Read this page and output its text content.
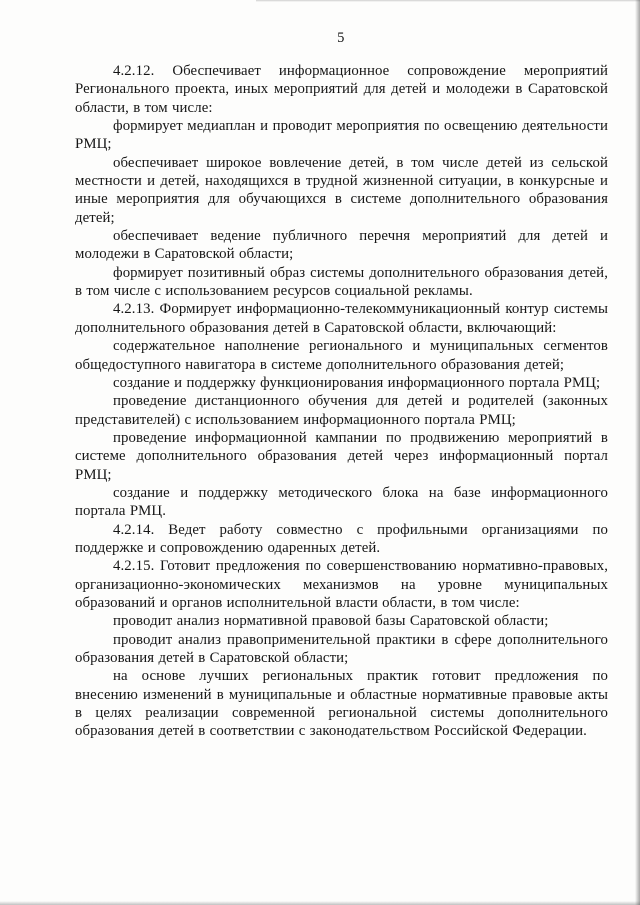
5

4.2.12. Обеспечивает информационное сопровождение мероприятий Регионального проекта, иных мероприятий для детей и молодежи в Саратовской области, в том числе:

формирует медиаплан и проводит мероприятия по освещению деятельности РМЦ;

обеспечивает широкое вовлечение детей, в том числе детей из сельской местности и детей, находящихся в трудной жизненной ситуации, в конкурсные и иные мероприятия для обучающихся в системе дополнительного образования детей;

обеспечивает ведение публичного перечня мероприятий для детей и молодежи в Саратовской области;

формирует позитивный образ системы дополнительного образования детей, в том числе с использованием ресурсов социальной рекламы.

4.2.13. Формирует информационно-телекоммуникационный контур системы дополнительного образования детей в Саратовской области, включающий:

содержательное наполнение регионального и муниципальных сегментов общедоступного навигатора в системе дополнительного образования детей;

создание и поддержку функционирования информационного портала РМЦ;

проведение дистанционного обучения для детей и родителей (законных представителей) с использованием информационного портала РМЦ;

проведение информационной кампании по продвижению мероприятий в системе дополнительного образования детей через информационный портал РМЦ;

создание и поддержку методического блока на базе информационного портала РМЦ.

4.2.14. Ведет работу совместно с профильными организациями по поддержке и сопровождению одаренных детей.

4.2.15. Готовит предложения по совершенствованию нормативно-правовых, организационно-экономических механизмов на уровне муниципальных образований и органов исполнительной власти области, в том числе:

проводит анализ нормативной правовой базы Саратовской области;

проводит анализ правоприменительной практики в сфере дополнительного образования детей в Саратовской области;

на основе лучших региональных практик готовит предложения по внесению изменений в муниципальные и областные нормативные правовые акты в целях реализации современной региональной системы дополнительного образования детей в соответствии с законодательством Российской Федерации.
